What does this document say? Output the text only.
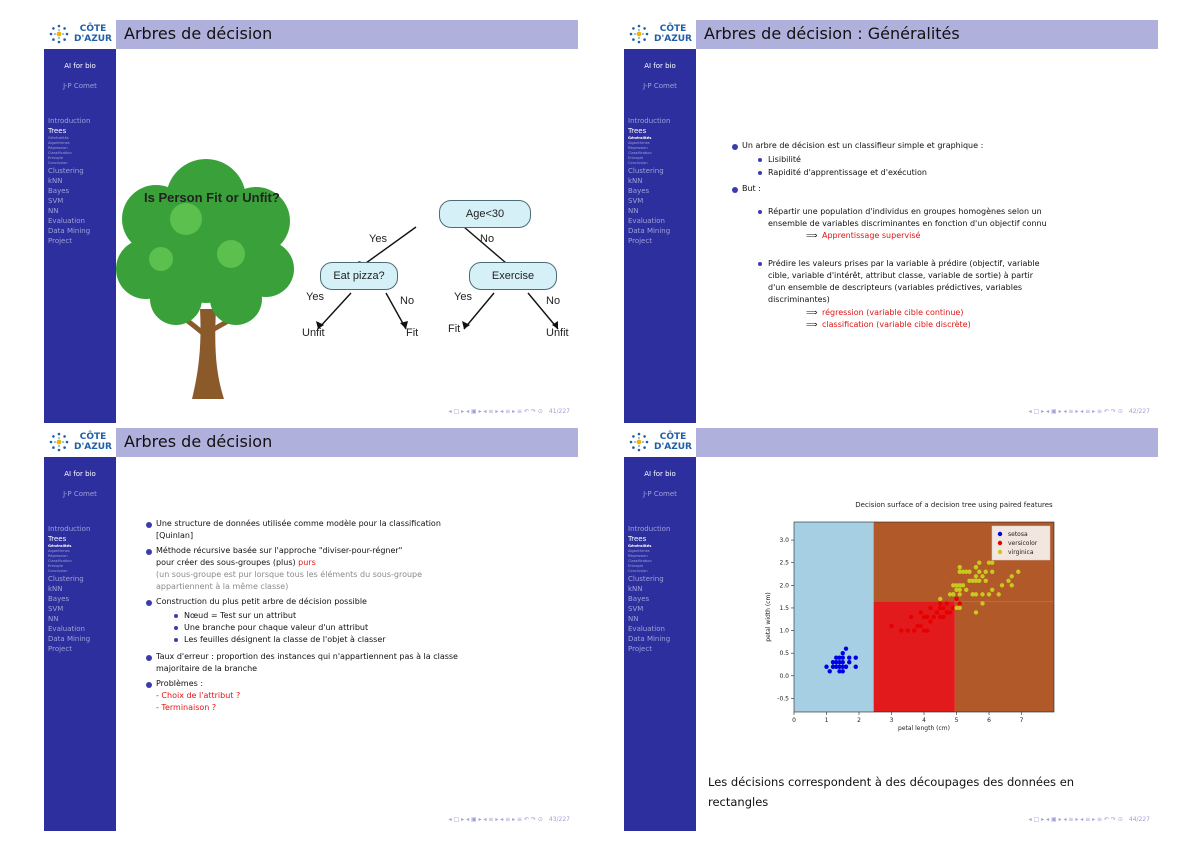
CÔTE
D'AZUR
AI for bio
J-P Comet
Introduction
Trees
Généralités
Algorithmes
Régression
Classification
Entropie
Conclusion
Clustering
kNN
Bayes
SVM
NN
Evaluation
Data Mining
Project
Arbres de décision
Is Person Fit or Unfit?
Age<30
Eat pizza?	Exercise
Yes	No
Yes	No	Yes	No
Unfit	Fit	Fit	Unfit
◂ □ ▸ ◂ ▣ ▸ ◂ ≡ ▸ ◂ ≡ ▸ ≡ ↶ ↷ ⊙ 41/227
CÔTE
D'AZUR
AI for bio
J-P Comet
Introduction
Trees
Généralités
Algorithmes
Régression
Classification
Entropie
Conclusion
Clustering
kNN
Bayes
SVM
NN
Evaluation
Data Mining
Project
Arbres de décision : Généralités
Un arbre de décision est un classifieur simple et graphique :
Lisibilité
Rapidité d'apprentissage et d'exécution
But :
Répartir une population d'individus en groupes homogènes selon un
ensemble de variables discriminantes en fonction d'un objectif connu
⟹ Apprentissage supervisé
Prédire les valeurs prises par la variable à prédire (objectif, variable
cible, variable d'intérêt, attribut classe, variable de sortie) à partir
d'un ensemble de descripteurs (variables prédictives, variables
discriminantes)
⟹ régression (variable cible continue)
⟹ classification (variable cible discrète)
◂ □ ▸ ◂ ▣ ▸ ◂ ≡ ▸ ◂ ≡ ▸ ≡ ↶ ↷ ⊙ 42/227
CÔTE
D'AZUR
AI for bio
J-P Comet
Introduction
Trees
Généralités
Algorithmes
Régression
Classification
Entropie
Conclusion
Clustering
kNN
Bayes
SVM
NN
Evaluation
Data Mining
Project
Arbres de décision
Une structure de données utilisée comme modèle pour la classification
[Quinlan]
Méthode récursive basée sur l'approche "diviser-pour-régner"
pour créer des sous-groupes (plus) purs
(un sous-groupe est pur lorsque tous les éléments du sous-groupe
appartiennent à la même classe)
Construction du plus petit arbre de décision possible
Nœud = Test sur un attribut
Une branche pour chaque valeur d'un attribut
Les feuilles désignent la classe de l'objet à classer
Taux d'erreur : proportion des instances qui n'appartiennent pas à la classe
majoritaire de la branche
Problèmes :
- Choix de l'attribut ?
- Terminaison ?
◂ □ ▸ ◂ ▣ ▸ ◂ ≡ ▸ ◂ ≡ ▸ ≡ ↶ ↷ ⊙ 43/227
CÔTE
D'AZUR
AI for bio
J-P Comet
Introduction
Trees
Généralités
Algorithmes
Régression
Classification
Entropie
Conclusion
Clustering
kNN
Bayes
SVM
NN
Evaluation
Data Mining
Project
Decision surface of a decision tree using paired features
0	1	2	3	4	5	6	7
-0.5
0.0
0.5
1.0
1.5
2.0
2.5
3.0
petal length (cm)
petal width (cm)
setosa
versicolor
virginica
Les décisions correspondent à des découpages des données en
rectangles
◂ □ ▸ ◂ ▣ ▸ ◂ ≡ ▸ ◂ ≡ ▸ ≡ ↶ ↷ ⊙ 44/227
